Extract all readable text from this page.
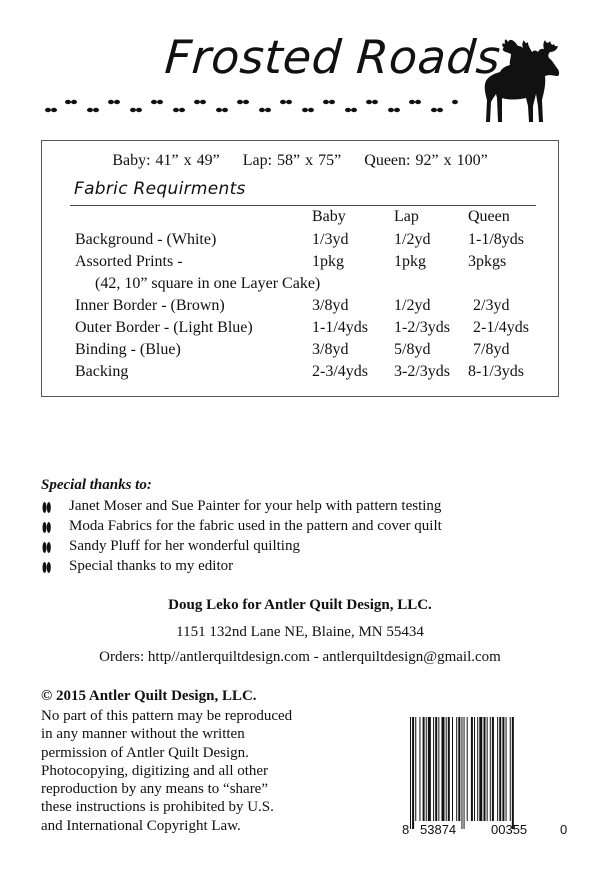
Frosted Roads
Baby: 41” x 49” Lap: 58” x 75” Queen: 92” x 100”
Fabric Requirments
Baby	Lap	Queen
Background - (White)	1/3yd	1/2yd 1-1/8yds
Assorted Prints -	1pkg	1pkg	3pkgs
(42, 10” square in one Layer Cake)
Inner Border - (Brown)	3/8yd	1/2yd	2/3yd
Outer Border - (Light Blue)	1-1/4yds 1-2/3yds 2-1/4yds
Binding - (Blue)	3/8yd	5/8yd	7/8yd
Backing	2-3/4yds 3-2/3yds 8-1/3yds
Special thanks to:
Janet Moser and Sue Painter for your help with pattern testing
Moda Fabrics for the fabric used in the pattern and cover quilt
Sandy Pluff for her wonderful quilting
Special thanks to my editor
Doug Leko for Antler Quilt Design, LLC.
1151 132nd Lane NE, Blaine, MN 55434
Orders: http//antlerquiltdesign.com - antlerquiltdesign@gmail.com
© 2015 Antler Quilt Design, LLC.
No part of this pattern may be reproduced
in any manner without the written
permission of Antler Quilt Design.
Photocopying, digitizing and all other
reproduction by any means to “share”
these instructions is prohibited by U.S.
and International Copyright Law.	8 53874	00355	0
